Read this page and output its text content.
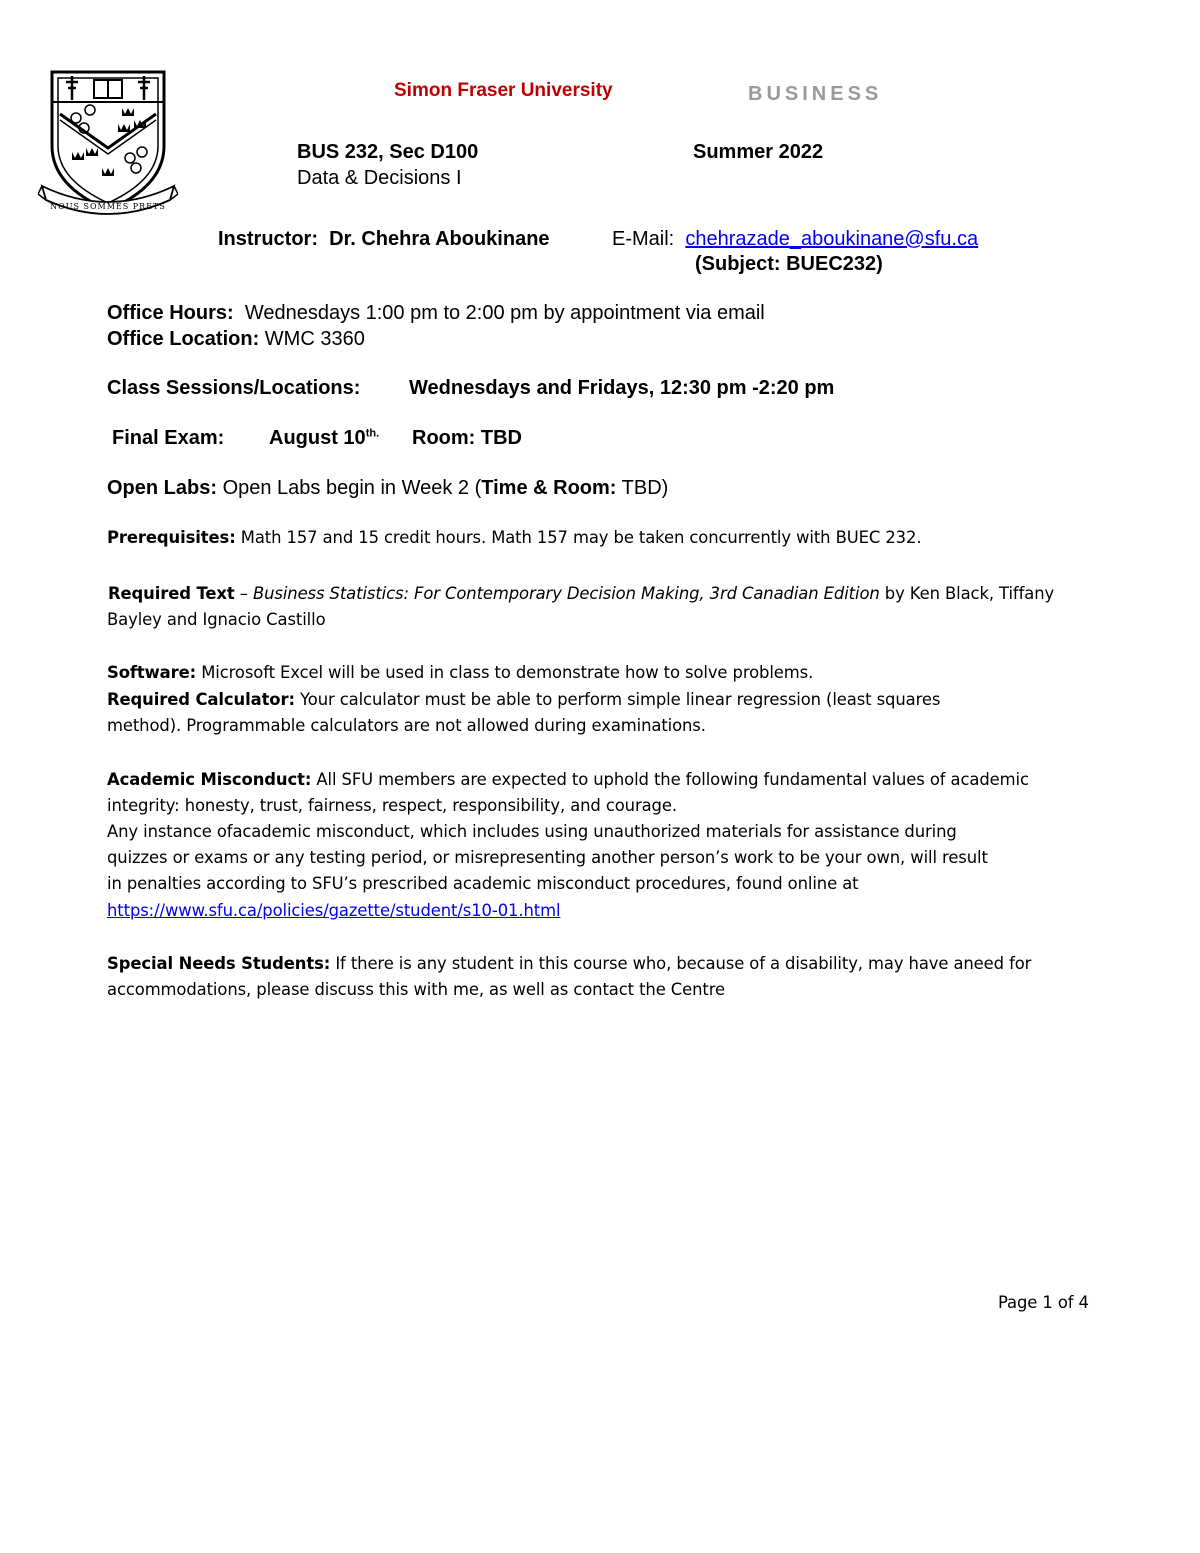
NOUS SOMMES PRETS
Simon Fraser University	BUSINESS
BUS 232, Sec D100	Summer 2022
Data & Decisions I
Instructor: Dr. Chehra Aboukinane	E-Mail: chehrazade_aboukinane@sfu.ca
(Subject: BUEC232)
Office Hours: Wednesdays 1:00 pm to 2:00 pm by appointment via email
Office Location: WMC 3360
Class Sessions/Locations: Wednesdays and Fridays, 12:30 pm -2:20 pm
Final Exam: August $10^{th.}$ Room: TBD
Open Labs: Open Labs begin in Week 2 (Time & Room: TBD)
Prerequisites: Math 157 and 15 credit hours. Math 157 may be taken concurrently with BUEC 232.
Required Text – Business Statistics: For Contemporary Decision Making, 3rd Canadian Edition by Ken Black, Tiffany
Bayley and Ignacio Castillo
Software: Microsoft Excel will be used in class to demonstrate how to solve problems.
Required Calculator: Your calculator must be able to perform simple linear regression (least squares
method). Programmable calculators are not allowed during examinations.
Academic Misconduct: All SFU members are expected to uphold the following fundamental values of academic
integrity: honesty, trust, fairness, respect, responsibility, and courage.
Any instance ofacademic misconduct, which includes using unauthorized materials for assistance during
quizzes or exams or any testing period, or misrepresenting another person’s work to be your own, will result
in penalties according to SFU’s prescribed academic misconduct procedures, found online at
https://www.sfu.ca/policies/gazette/student/s10-01.html
Special Needs Students: If there is any student in this course who, because of a disability, may have aneed for
accommodations, please discuss this with me, as well as contact the Centre
Page 1 of 4
